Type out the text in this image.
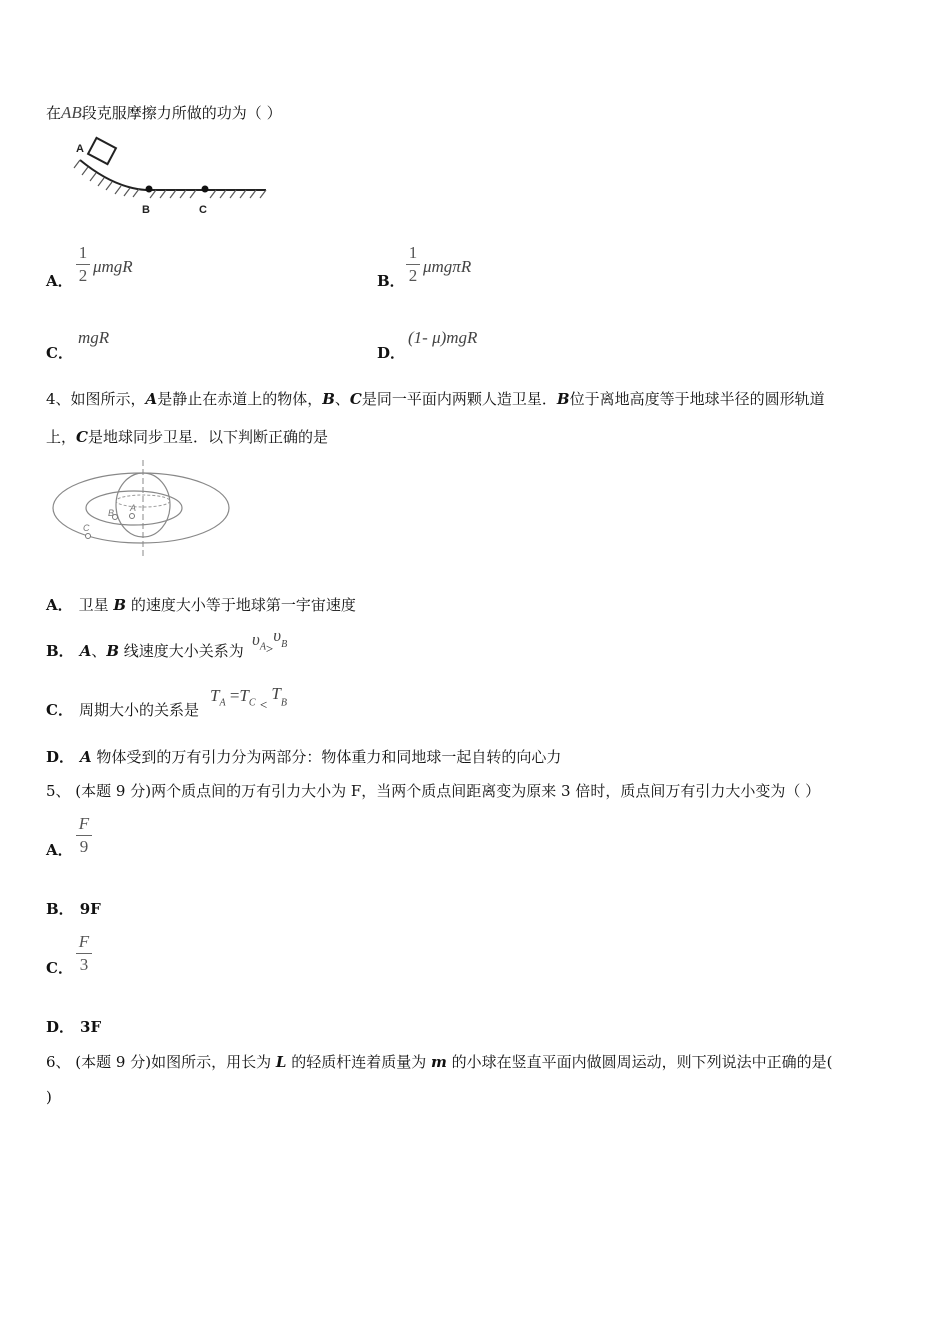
在AB段克服摩擦力所做的功为（ ）
A
B	C
A．
1
2 μmgR
B．
1
2 μmgπR
C．
mgR
D．
(1- μ)mgR
4、如图所示，A是静止在赤道上的物体，B、C是同一平面内两颗人造卫星．B位于离地高度等于地球半径的圆形轨道
上，C是地球同步卫星．以下判断正确的是
A
B
C
A． 卫星 B 的速度大小等于地球第一宇宙速度
B． A、B 线速度大小关系为
$\upsilon_{A>}\upsilon_B$
C． 周期大小的关系是
$T_A =T_C$ $_<$ $T_B$
D． A 物体受到的万有引力分为两部分：物体重力和同地球一起自转的向心力
5、 (本题 9 分)两个质点间的万有引力大小为 F，当两个质点间距离变为原来 3 倍时，质点间万有引力大小变为（ ）
A．
F
9
B． 9F
C．
F
3
D． 3F
6、 (本题 9 分)如图所示，用长为 L 的轻质杆连着质量为 m 的小球在竖直平面内做圆周运动，则下列说法中正确的是(
)
